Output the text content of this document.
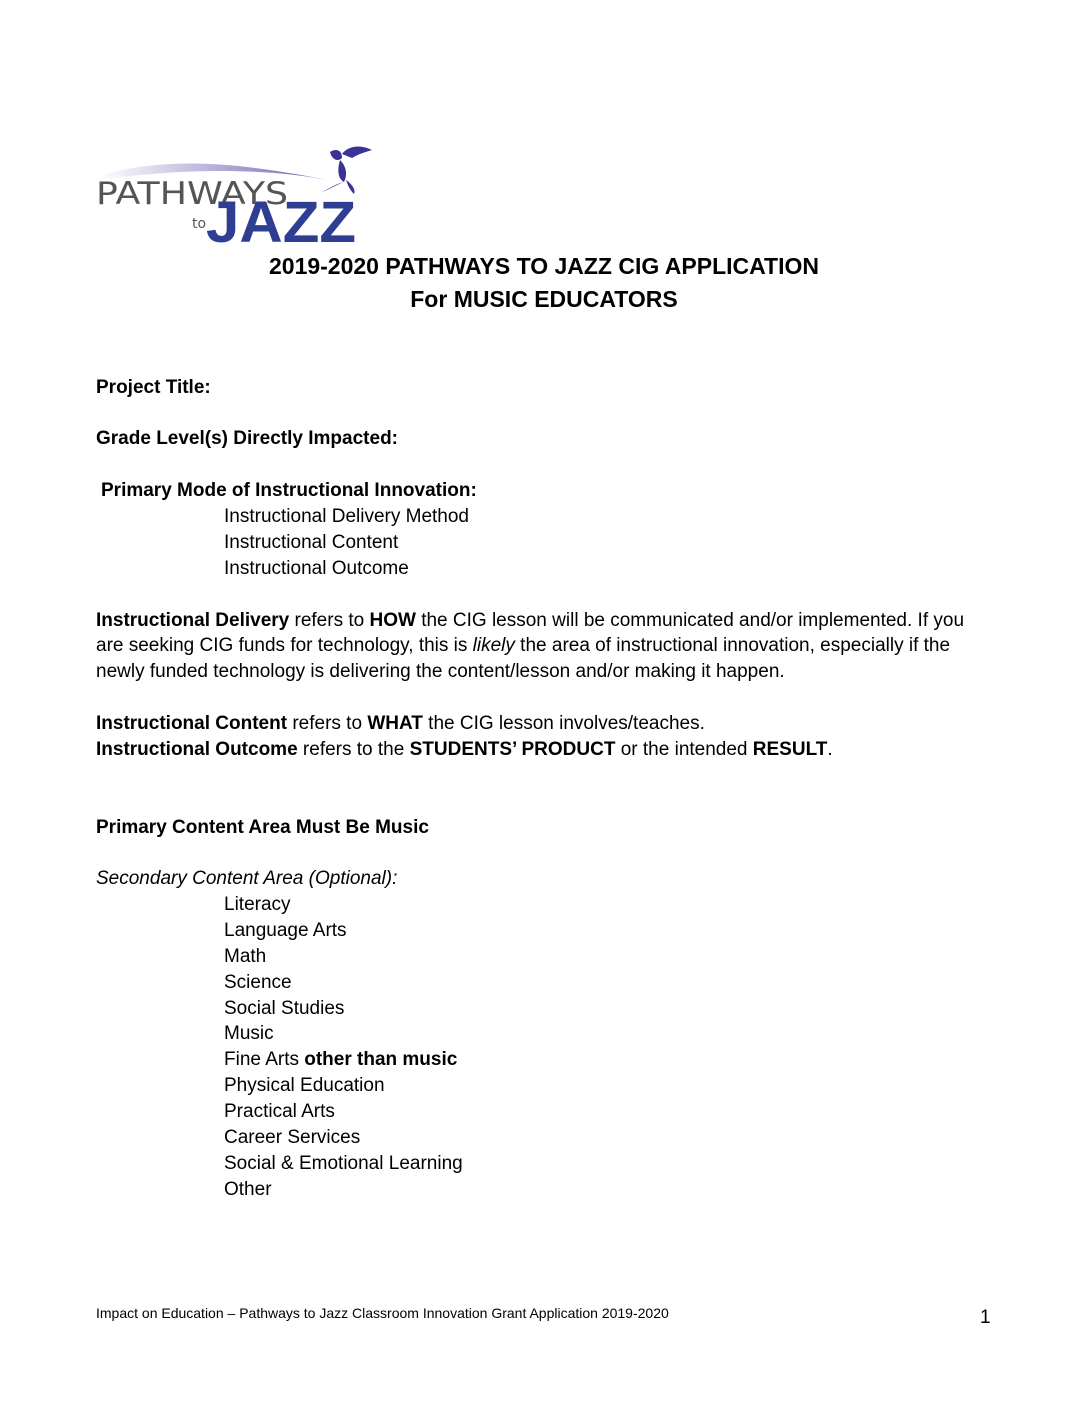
PATHWAYS
to JAZZ
2019-2020 PATHWAYS TO JAZZ CIG APPLICATION
For MUSIC EDUCATORS
Project Title:
Grade Level(s) Directly Impacted:
Primary Mode of Instructional Innovation:
Instructional Delivery Method
Instructional Content
Instructional Outcome
Instructional Delivery refers to HOW the CIG lesson will be communicated and/or implemented. If you
are seeking CIG funds for technology, this is likely the area of instructional innovation, especially if the
newly funded technology is delivering the content/lesson and/or making it happen.
Instructional Content refers to WHAT the CIG lesson involves/teaches.
Instructional Outcome refers to the STUDENTS’ PRODUCT or the intended RESULT.
Primary Content Area Must Be Music
Secondary Content Area (Optional):
Literacy
Language Arts
Math
Science
Social Studies
Music
Fine Arts other than music
Physical Education
Practical Arts
Career Services
Social & Emotional Learning
Other
Impact on Education – Pathways to Jazz Classroom Innovation Grant Application 2019-2020	1
